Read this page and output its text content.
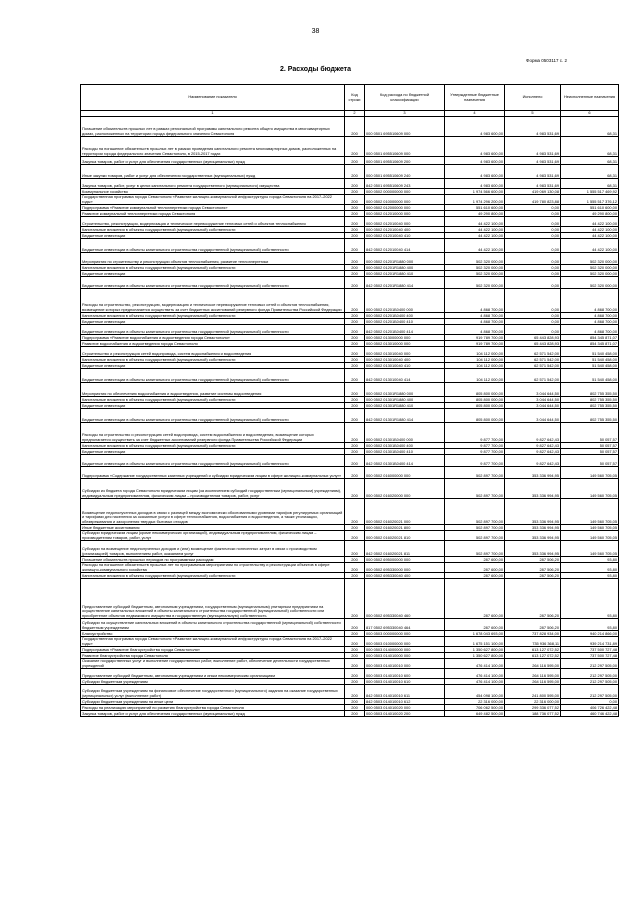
38
Форма 0503117 с. 2
2. Расходы бюджета
Наименование показателя	Код строки	Код расхода по бюджетной классификации	Утвержденные бюджетные назначения	Исполнено	Неисполненные назначения
1	2	3	4	5	6
Погашение обязательств прошлых лет в рамках региональной программы капитального ремонта общего имущества в многоквартирных домах, расположенных на территории города федерального значения Севастополя	200	000 0501 695510609 000	4 983 600,00	4 983 531,69	68,31
Расходы на погашение обязательств прошлых лет в рамках проведения капитального ремонта многоквартирных домов, расположенных на территории города федерального значения Севастополя, в 2015-2017 годах	200	000 0501 695510609 000	4 983 600,00	4 983 531,69	68,31
Закупка товаров, работ и услуг для обеспечения государственных (муниципальных) нужд	200	000 0501 695510609 200	4 983 600,00	4 983 531,69	68,31
Иные закупки товаров, работ и услуг для обеспечения государственных (муниципальных) нужд	200	000 0501 695510609 240	4 983 600,00	4 983 531,69	68,31
Закупка товаров, работ, услуг в целях капитального ремонта государственного (муниципального) имущества	200	842 0501 695510609 243	4 983 600,00	4 983 531,69	68,31
Коммунальное хозяйство	200	000 0502 000000000 000	1 974 566 600,00	419 069 130,08	1 555 517 469,92
Государственная программа города Севастополя «Развитие жилищно-коммунальной инфраструктуры города Севастополя на 2017–2022 годы»	200	000 0502 010000000 000	1 974 296 200,00	419 780 823,88	1 555 517 376,12
Подпрограмма «Развитие коммунальной теплоэнергетики города Севастополя»	200	000 0502 012000000 000	551 610 600,00	0,00	551 610 600,00
Развитие коммунальной теплоэнергетики города Севастополя	200	000 0502 012010000 000	49 290 800,00	0,00	49 290 800,00
Строительство, реконструкция, модернизация и техническое перевооружение тепловых сетей и объектов теплоснабжения	200	000 0502 012010040 000	44 422 100,00	0,00	44 422 100,00
Капитальные вложения в объекты государственной (муниципальной) собственности	200	000 0502 012010040 400	44 422 100,00	0,00	44 422 100,00
Бюджетные инвестиции	200	000 0502 012010040 410	44 422 100,00	0,00	44 422 100,00
Бюджетные инвестиции в объекты капитального строительства государственной (муниципальной) собственности	200	842 0502 012010040 414	44 422 100,00	0,00	44 422 100,00
Мероприятия по строительству и реконструкции объектов теплоснабжения, развитие теплоэнергетики	200	000 0502 01201R1880 000	502 320 000,00	0,00	502 320 000,00
Капитальные вложения в объекты государственной (муниципальной) собственности	200	000 0502 01201R1880 400	502 320 000,00	0,00	502 320 000,00
Бюджетные инвестиции	200	000 0502 01201R1880 410	502 320 000,00	0,00	502 320 000,00
Бюджетные инвестиции в объекты капитального строительства государственной (муниципальной) собственности	200	842 0502 01201R1880 414	502 320 000,00	0,00	502 320 000,00
Расходы на строительство, реконструкцию, модернизацию и техническое перевооружение тепловых сетей и объектов теплоснабжения, возмещение которых предполагается осуществить за счет бюджетных ассигнований резервного фонда Правительства Российской Федерации	200	000 0502 01201Б0400 000	4 868 700,00	0,00	4 868 700,00
Капитальные вложения в объекты государственной (муниципальной) собственности	200	000 0502 01201Б0400 400	4 868 700,00	0,00	4 868 700,00
Бюджетные инвестиции	200	000 0502 01201Б0400 410	4 868 700,00	0,00	4 868 700,00
Бюджетные инвестиции в объекты капитального строительства государственной (муниципальной) собственности	200	842 0502 01201Б0400 414	4 868 700,00	0,00	4 868 700,00
Подпрограмма «Развитие водоснабжения и водоотведения города Севастополя»	200	000 0502 013000000 000	919 789 700,00	65 443 828,93	854 345 871,07
Развитие водоснабжения и водоотведения города Севастополя	200	000 0502 013010000 000	919 789 700,00	65 443 828,93	854 345 871,07
Строительство и реконструкция сетей водопровода, систем водоснабжения и водоотведения	200	000 0502 013010040 000	104 112 000,00	62 571 542,00	51 540 458,00
Капитальные вложения в объекты государственной (муниципальной) собственности	200	000 0502 013010040 400	104 112 000,00	62 571 542,00	51 540 458,00
Бюджетные инвестиции	200	000 0502 013010040 410	104 112 000,00	62 571 542,00	51 540 458,00
Бюджетные инвестиции в объекты капитального строительства государственной (муниципальной) собственности	200	842 0502 013010040 414	104 112 000,00	62 571 542,00	51 540 458,00
Мероприятия по обеспечению водоснабжения и водоотведения, развитие системы водоотведения	200	000 0502 01301R1880 000	805 800 000,00	3 044 644,50	802 755 355,50
Капитальные вложения в объекты государственной (муниципальной) собственности	200	000 0502 01301R1880 400	805 800 000,00	3 044 644,50	802 755 355,50
Бюджетные инвестиции	200	000 0502 01301R1880 410	805 800 000,00	3 044 644,50	802 755 355,50
Бюджетные инвестиции в объекты капитального строительства государственной (муниципальной) собственности	200	842 0502 01301R1880 414	805 800 000,00	3 044 644,50	802 755 355,50
Расходы на строительство и реконструкцию сетей водопровода, систем водоснабжения и водоотведения, возмещение которых предполагается осуществить за счет бюджетных ассигнований резервного фонда Правительства Российской Федерации	200	000 0502 01301Б0400 000	9 877 700,00	9 827 642,43	50 057,57
Капитальные вложения в объекты государственной (муниципальной) собственности	200	000 0502 01301Б0400 400	9 877 700,00	9 827 642,43	50 057,57
Бюджетные инвестиции	200	000 0502 01301Б0400 410	9 877 700,00	9 827 642,43	50 057,57
Бюджетные инвестиции в объекты капитального строительства государственной (муниципальной) собственности	200	842 0502 01301Б0400 414	9 877 700,00	9 827 642,43	50 057,57
Подпрограмма «Содержание государственных казенных учреждений и субсидии юридическим лицам в сфере жилищно-коммунальных услуг»	200	000 0502 016000000 000	502 897 700,00	353 336 994,95	149 560 705,05
Субсидии из бюджета города Севастополя юридическим лицам (за исключением субсидий государственным (муниципальным) учреждениям), индивидуальным предпринимателям, физическим лицам – производителям товаров, работ, услуг	200	000 0502 016020000 000	502 897 700,00	353 336 994,95	149 560 705,05
Возмещение недополученных доходов в связи с разницей между экономически обоснованными уровнями тарифов регулируемых организаций и тарифами для населения за оказанные услуги в сфере теплоснабжения, водоснабжения и водоотведения, а также утилизации, обезвреживания и захоронения твердых бытовых отходов	200	000 0502 016020021 000	502 897 700,00	353 336 994,95	149 560 705,05
Иные бюджетные ассигнования	200	000 0502 016020021 800	502 897 700,00	353 336 994,95	149 560 705,05
Субсидии юридическим лицам (кроме некоммерческих организаций), индивидуальным предпринимателям, физическим лицам – производителям товаров, работ, услуг	200	000 0502 016020021 810	502 897 700,00	353 336 994,95	149 560 705,05
Субсидии на возмещение недополученных доходов и (или) возмещение фактически понесенных затрат в связи с производством (реализацией) товаров, выполнением работ, оказанием услуг	200	842 0502 016020021 811	502 897 700,00	353 336 994,95	149 560 705,05
Погашение обязательств прошлых периодов по программным расходам	200	000 0502 695000000 000	287 600,00	287 506,20	93,80
Расходы на погашение обязательств прошлых лет по программным мероприятиям по строительству и реконструкции объектов в сфере жилищно-коммунального хозяйства	200	000 0502 695330000 000	287 600,00	287 506,20	93,80
Капитальные вложения в объекты государственной (муниципальной) собственности	200	000 0502 695330040 400	287 600,00	287 506,20	93,80
Предоставление субсидий бюджетным, автономным учреждениям, государственным (муниципальным) унитарным предприятиям на осуществление капитальных вложений в объекты капитального строительства государственной (муниципальной) собственности или приобретение объектов недвижимого имущества в государственную (муниципальную) собственность	200	000 0502 695330040 460	287 600,00	287 506,20	93,80
Субсидии на осуществление капитальных вложений в объекты капитального строительства государственной (муниципальной) собственности бюджетным учреждениям	200	817 0502 695330040 464	287 600,00	287 506,20	93,80
Благоустройство	200	000 0503 000000000 000	1 678 043 693,00	737 828 934,00	940 214 866,00
Государственная программа города Севастополя «Развитие жилищно-коммунальной инфраструктуры города Севастополя на 2017–2022 годы»	200	000 0503 010000000 000	1 675 151 100,00	735 936 368,11	939 214 731,89
Подпрограмма «Развитие благоустройства города Севастополя»	200	000 0503 014000000 000	1 350 627 800,00	613 127 072,52	737 500 727,48
Развитие благоустройства города Севастополя	200	000 0503 014010000 000	1 350 627 800,00	613 127 072,52	737 500 727,48
Оказание государственных услуг и выполнение государственных работ, выполнение работ, обеспечение деятельности государственных учреждений	200	000 0503 014010010 000	476 414 100,00	264 116 595,00	212 297 505,00
Предоставление субсидий бюджетным, автономным учреждениям и иным некоммерческим организациям	200	000 0503 014010010 600	476 414 100,00	264 116 595,00	212 297 505,00
Субсидии бюджетным учреждениям	200	000 0503 014010010 610	476 414 100,00	264 116 595,00	212 297 505,00
Субсидии бюджетным учреждениям на финансовое обеспечение государственного (муниципального) задания на оказание государственных (муниципальных) услуг (выполнение работ)	200	842 0503 014010010 611	454 098 100,00	241 800 595,00	212 297 505,00
Субсидии бюджетным учреждениям на иные цели	200	842 0503 014010010 612	22 316 000,00	22 316 000,00	0,00
Расходы на реализацию мероприятий по развитию благоустройства города Севастополя	200	000 0503 014010020 000	706 062 500,00	299 336 077,52	406 726 422,48
Закупка товаров, работ и услуг для обеспечения государственных (муниципальных) нужд	200	000 0503 014010020 200	649 482 500,00	188 736 077,52	460 746 422,48
